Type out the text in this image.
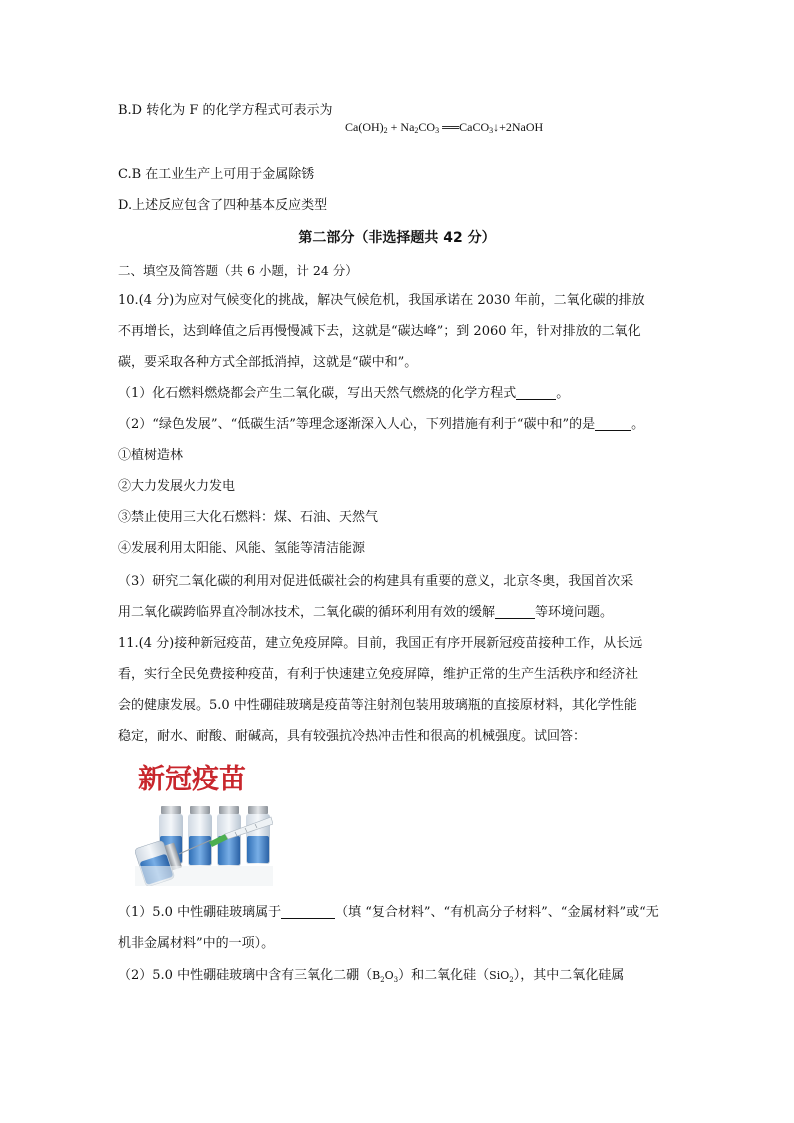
B.D 转化为 F 的化学方程式可表示为
$Ca(OH)_2 + Na_2CO_3$ ══CaCO$_3$↓+2NaOH
C.B 在工业生产上可用于金属除锈
D.上述反应包含了四种基本反应类型
第二部分（非选择题共 42 分）
二、填空及简答题（共 6 小题，计 24 分）
10.(4 分)为应对气候变化的挑战，解决气候危机，我国承诺在 2030 年前，二氧化碳的排放
不再增长，达到峰值之后再慢慢减下去，这就是“碳达峰”；到 2060 年，针对排放的二氧化
碳，要采取各种方式全部抵消掉，这就是“碳中和”。
（1）化石燃料燃烧都会产生二氧化碳，写出天然气燃烧的化学方程式	。
（2）“绿色发展”、“低碳生活”等理念逐渐深入人心，下列措施有利于“碳中和”的是	。
①植树造林
②大力发展火力发电
③禁止使用三大化石燃料：煤、石油、天然气
④发展利用太阳能、风能、氢能等清洁能源
（3）研究二氧化碳的利用对促进低碳社会的构建具有重要的意义，北京冬奥，我国首次采
用二氧化碳跨临界直冷制冰技术，二氧化碳的循环利用有效的缓解	等环境问题。
11.(4 分)接种新冠疫苗，建立免疫屏障。目前，我国正有序开展新冠疫苗接种工作，从长远
看，实行全民免费接种疫苗，有利于快速建立免疫屏障，维护正常的生产生活秩序和经济社
会的健康发展。5.0 中性硼硅玻璃是疫苗等注射剂包装用玻璃瓶的直接原材料，其化学性能
稳定，耐水、耐酸、耐碱高，具有较强抗冷热冲击性和很高的机械强度。试回答：
新冠疫苗
（1）5.0 中性硼硅玻璃属于	（填 “复合材料”、“有机高分子材料”、“金属材料”或“无
机非金属材料”中的一项）。
（2）5.0 中性硼硅玻璃中含有三氧化二硼$(B_2O_3)$和二氧化硅（SiO$_2$），其中二氧化硅属
